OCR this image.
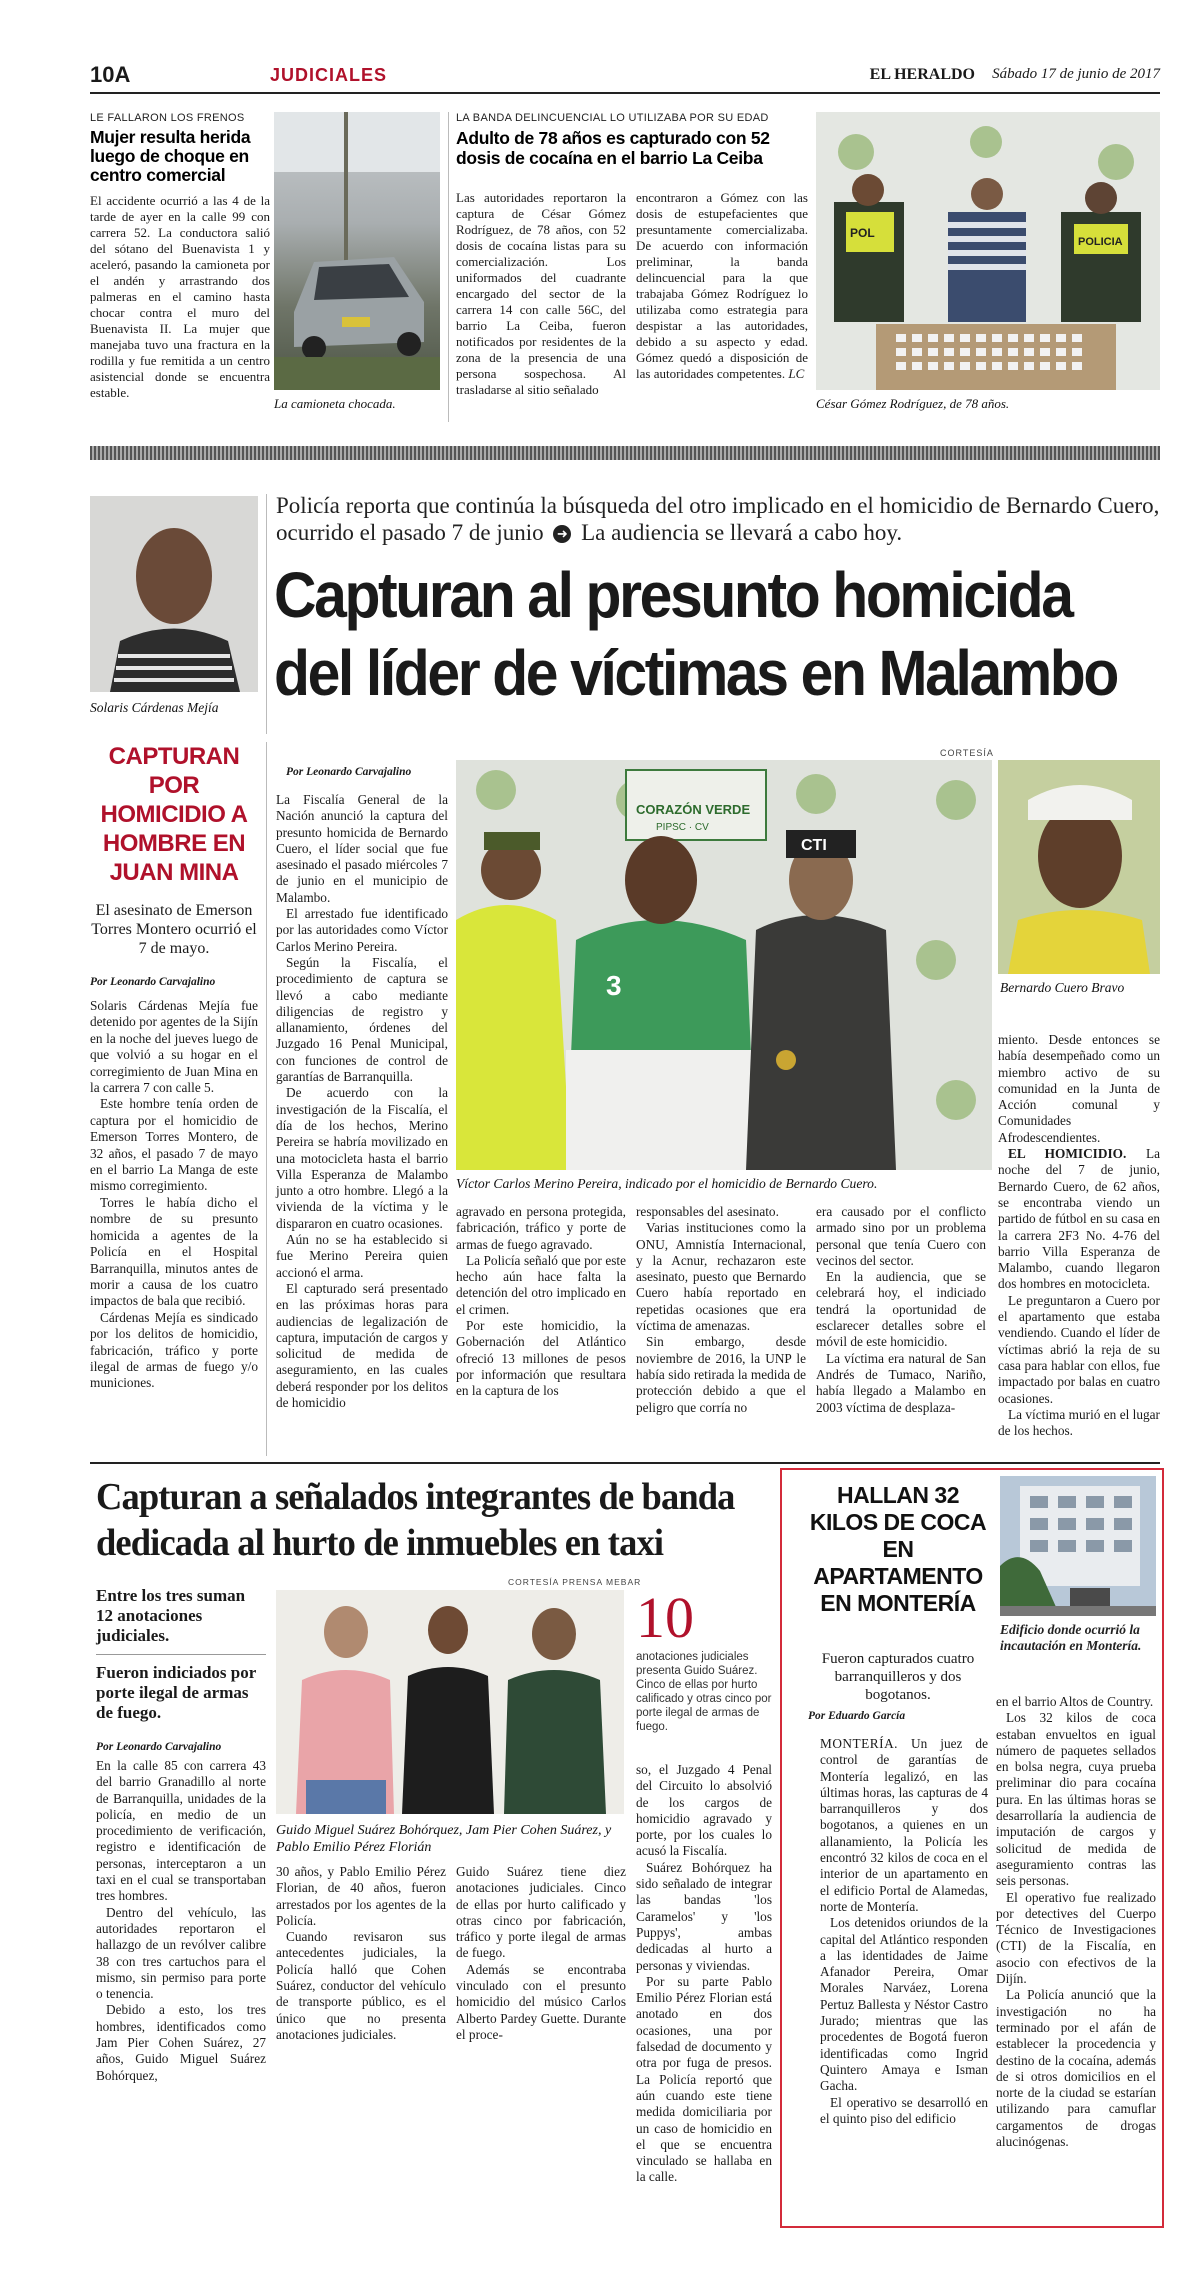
10A	JUDICIALES	EL HERALDO Sábado 17 de junio de 2017
LE FALLARON LOS FRENOS
Mujer resulta herida luego de choque en centro comercial
El accidente ocurrió a las 4 de la tarde de ayer en la calle 99 con carrera 52. La conductora salió del sótano del Buenavista 1 y aceleró, pasando la camioneta por el andén y arrastrando dos palmeras en el camino hasta chocar contra el muro del Buenavista II. La mujer que manejaba tuvo una fractura en la rodilla y fue remitida a un centro asistencial donde se encuentra estable.
La camioneta chocada.
LA BANDA DELINCUENCIAL LO UTILIZABA POR SU EDAD
Adulto de 78 años es capturado con 52 dosis de cocaína en el barrio La Ceiba

Las autoridades reportaron la captura de César Gómez Rodríguez, de 78 años, con 52 dosis de cocaína listas para su comercialización. Los uniformados del cuadrante encargado del sector de la carrera 14 con calle 56C, del barrio La Ceiba, fueron notificados por residentes de la zona de la presencia de una persona sospechosa. Al trasladarse al sitio señalado

encontraron a Gómez con las dosis de estupefacientes que presuntamente comercializaba. De acuerdo con información preliminar, la banda delincuencial para la que trabajaba Gómez Rodríguez lo utilizaba como estrategia para despistar a las autoridades, debido a su aspecto y edad. Gómez quedó a disposición de las autoridades competentes. LC

POL
POLICIA
César Gómez Rodríguez, de 78 años.
Solaris Cárdenas Mejía
Policía reporta que continúa la búsqueda del otro implicado en el homicidio de Bernardo Cuero, ocurrido el pasado 7 de junio ➜ La audiencia se llevará a cabo hoy.
Capturan al presunto homicida
del líder de víctimas en Malambo
CAPTURAN POR HOMICIDIO A HOMBRE EN JUAN MINA
El asesinato de Emerson Torres Montero ocurrió el 7 de mayo.
Por Leonardo Carvajalino

Solaris Cárdenas Mejía fue detenido por agentes de la Sijín en la noche del jueves luego de que volvió a su hogar en el corregimiento de Juan Mina en la carrera 7 con calle 5.

Este hombre tenía orden de captura por el homicidio de Emerson Torres Montero, de 32 años, el pasado 7 de mayo en el barrio La Manga de este mismo corregimiento.

Torres le había dicho el nombre de su presunto homicida a agentes de la Policía en el Hospital Barranquilla, minutos antes de morir a causa de los cuatro impactos de bala que recibió.

Cárdenas Mejía es sindicado por los delitos de homicidio, fabricación, tráfico y porte ilegal de armas de fuego y/o municiones.

Por Leonardo Carvajalino

La Fiscalía General de la Nación anunció la captura del presunto homicida de Bernardo Cuero, el líder social que fue asesinado el pasado miércoles 7 de junio en el municipio de Malambo.

El arrestado fue identificado por las autoridades como Víctor Carlos Merino Pereira.

Según la Fiscalía, el procedimiento de captura se llevó a cabo mediante diligencias de registro y allanamiento, órdenes del Juzgado 16 Penal Municipal, con funciones de control de garantías de Barranquilla.

De acuerdo con la investigación de la Fiscalía, el día de los hechos, Merino Pereira se habría movilizado en una motocicleta hasta el barrio Villa Esperanza de Malambo junto a otro hombre. Llegó a la vivienda de la víctima y le dispararon en cuatro ocasiones.

Aún no se ha establecido si fue Merino Pereira quien accionó el arma.

El capturado será presentado en las próximas horas para audiencias de legalización de captura, imputación de cargos y solicitud de medida de aseguramiento, en las cuales deberá responder por los delitos de homicidio

CORTESÍA
CORAZÓN VERDE
PIPSC · CV
3
CTI
Víctor Carlos Merino Pereira, indicado por el homicidio de Bernardo Cuero.
Bernardo Cuero Bravo

agravado en persona protegida, fabricación, tráfico y porte de armas de fuego agravado.

La Policía señaló que por este hecho aún hace falta la detención del otro implicado en el crimen.

Por este homicidio, la Gobernación del Atlántico ofreció 13 millones de pesos por información que resultara en la captura de los

responsables del asesinato.

Varias instituciones como la ONU, Amnistía Internacional, y la Acnur, rechazaron este asesinato, puesto que Bernardo Cuero había reportado en repetidas ocasiones que era víctima de amenazas.

Sin embargo, desde noviembre de 2016, la UNP le había sido retirada la medida de protección debido a que el peligro que corría no

era causado por el conflicto armado sino por un problema personal que tenía Cuero con vecinos del sector.

En la audiencia, que se celebrará hoy, el indiciado tendrá la oportunidad de esclarecer detalles sobre el móvil de este homicidio.

La víctima era natural de San Andrés de Tumaco, Nariño, había llegado a Malambo en 2003 víctima de desplaza-

miento. Desde entonces se había desempeñado como un miembro activo de su comunidad en la Junta de Acción comunal y Comunidades Afrodescendientes.

EL HOMICIDIO. La noche del 7 de junio, Bernardo Cuero, de 62 años, se encontraba viendo un partido de fútbol en su casa en la carrera 2F3 No. 4-76 del barrio Villa Esperanza de Malambo, cuando llegaron dos hombres en motocicleta.

Le preguntaron a Cuero por el apartamento que estaba vendiendo. Cuando el líder de víctimas abrió la reja de su casa para hablar con ellos, fue impactado por balas en cuatro ocasiones.

La víctima murió en el lugar de los hechos.

Capturan a señalados integrantes de banda
dedicada al hurto de inmuebles en taxi
Entre los tres suman 12 anotaciones judiciales.
Fueron indiciados por porte ilegal de armas de fuego.
Por Leonardo Carvajalino

En la calle 85 con carrera 43 del barrio Granadillo al norte de Barranquilla, unidades de la policía, en medio de un procedimiento de verificación, registro e identificación de personas, interceptaron a un taxi en el cual se transportaban tres hombres.

Dentro del vehículo, las autoridades reportaron el hallazgo de un revólver calibre 38 con tres cartuchos para el mismo, sin permiso para porte o tenencia.

Debido a esto, los tres hombres, identificados como Jam Pier Cohen Suárez, 27 años, Guido Miguel Suárez Bohórquez,

CORTESÍA PRENSA MEBAR
Guido Miguel Suárez Bohórquez, Jam Pier Cohen Suárez, y Pablo Emilio Pérez Florián
10
anotaciones judiciales presenta Guido Suárez. Cinco de ellas por hurto calificado y otras cinco por porte ilegal de armas de fuego.

30 años, y Pablo Emilio Pérez Florian, de 40 años, fueron arrestados por los agentes de la Policía.

Cuando revisaron sus antecedentes judiciales, la Policía halló que Cohen Suárez, conductor del vehículo de transporte público, es el único que no presenta anotaciones judiciales.

Guido Suárez tiene diez anotaciones judiciales. Cinco de ellas por hurto calificado y otras cinco por fabricación, tráfico y porte ilegal de armas de fuego.

Además se encontraba vinculado con el presunto homicidio del músico Carlos Alberto Pardey Guette. Durante el proce-

so, el Juzgado 4 Penal del Circuito lo absolvió de los cargos de homicidio agravado y porte, por los cuales lo acusó la Fiscalía.

Suárez Bohórquez ha sido señalado de integrar las bandas 'los Caramelos' y 'los Puppys', ambas dedicadas al hurto a personas y viviendas.

Por su parte Pablo Emilio Pérez Florian está anotado en dos ocasiones, una por falsedad de documento y otra por fuga de presos. La Policía reportó que aún cuando este tiene medida domiciliaria por un caso de homicidio en el que se encuentra vinculado se hallaba en la calle.

HALLAN 32 KILOS DE COCA EN APARTAMENTO EN MONTERÍA
Fueron capturados cuatro barranquilleros y dos bogotanos.
Por Eduardo García
Edificio donde ocurrió la incautación en Montería.

MONTERÍA. Un juez de control de garantías de Montería legalizó, en las últimas horas, las capturas de 4 barranquilleros y dos bogotanos, a quienes en un allanamiento, la Policía les encontró 32 kilos de coca en el interior de un apartamento en el edificio Portal de Alamedas, norte de Montería.

Los detenidos oriundos de la capital del Atlántico responden a las identidades de Jaime Afanador Pereira, Omar Morales Narváez, Lorena Pertuz Ballesta y Néstor Castro Jurado; mientras que las procedentes de Bogotá fueron identificadas como Ingrid Quintero Amaya e Isman Gacha.

El operativo se desarrolló en el quinto piso del edificio

en el barrio Altos de Country.

Los 32 kilos de coca estaban envueltos en igual número de paquetes sellados en bolsa negra, cuya prueba preliminar dio para cocaína pura. En las últimas horas se desarrollaría la audiencia de imputación de cargos y solicitud de medida de aseguramiento contras las seis personas.

El operativo fue realizado por detectives del Cuerpo Técnico de Investigaciones (CTI) de la Fiscalía, en asocio con efectivos de la Dijín.

La Policía anunció que la investigación no ha terminado por el afán de establecer la procedencia y destino de la cocaína, además de si otros domicilios en el norte de la ciudad se estarían utilizando para camuflar cargamentos de drogas alucinógenas.
